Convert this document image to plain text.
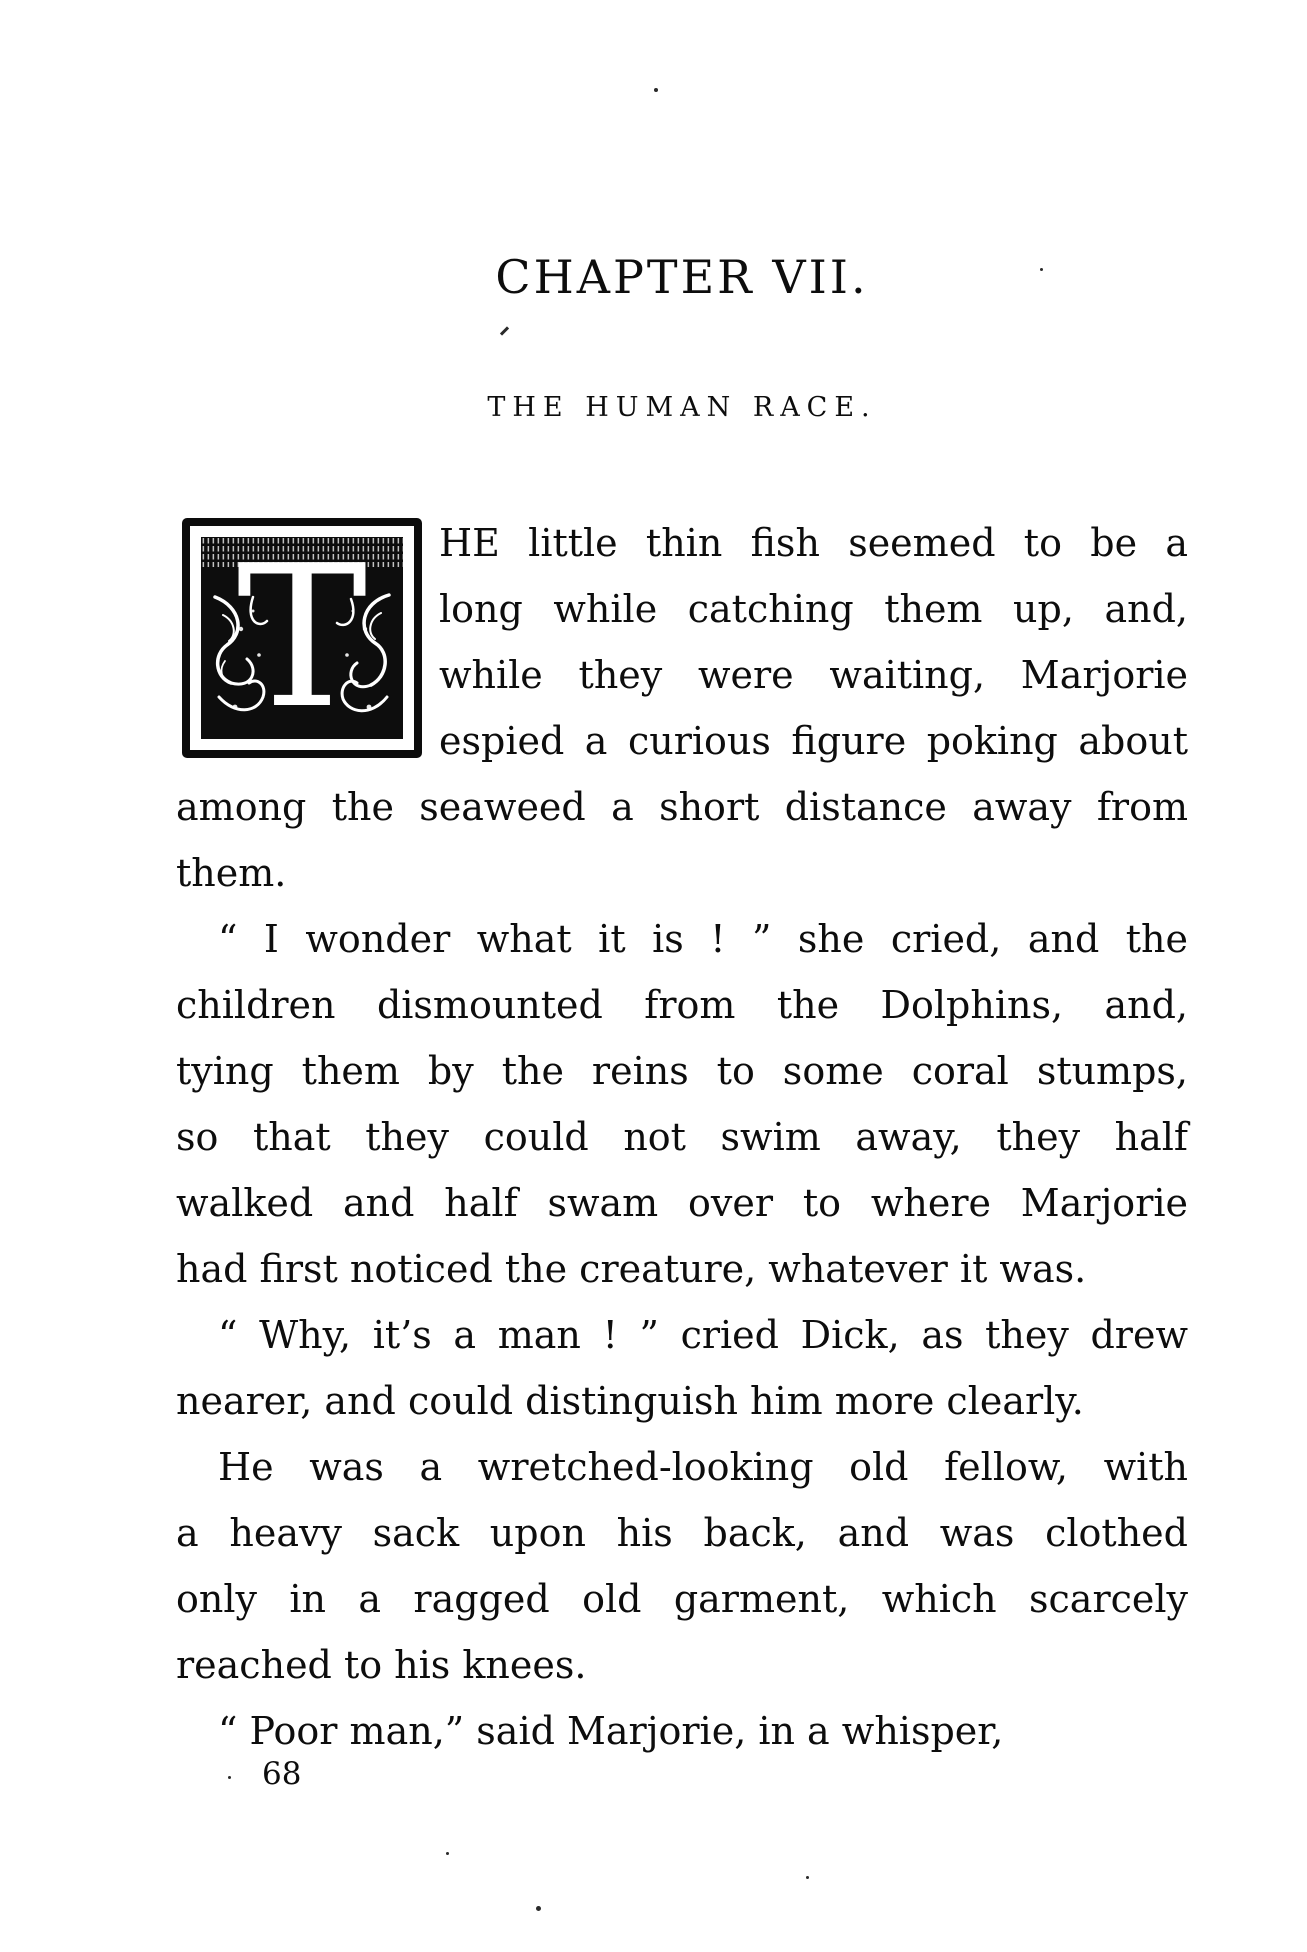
CHAPTER VII.
THE HUMAN RACE.
T	HE little thin fish seemed to be a
long while catching them up, and,
while they were waiting, Marjorie
espied a curious figure poking about
among the seaweed a short distance away from
them.
“ I wonder what it is ! ” she cried, and the
children dismounted from the Dolphins, and,
tying them by the reins to some coral stumps,
so that they could not swim away, they half
walked and half swam over to where Marjorie
had first noticed the creature, whatever it was.
“ Why, it’s a man ! ” cried Dick, as they drew
nearer, and could distinguish him more clearly.
He was a wretched-looking old fellow, with
a heavy sack upon his back, and was clothed
only in a ragged old garment, which scarcely
reached to his knees.
“ Poor man,” said Marjorie, in a whisper,
68
